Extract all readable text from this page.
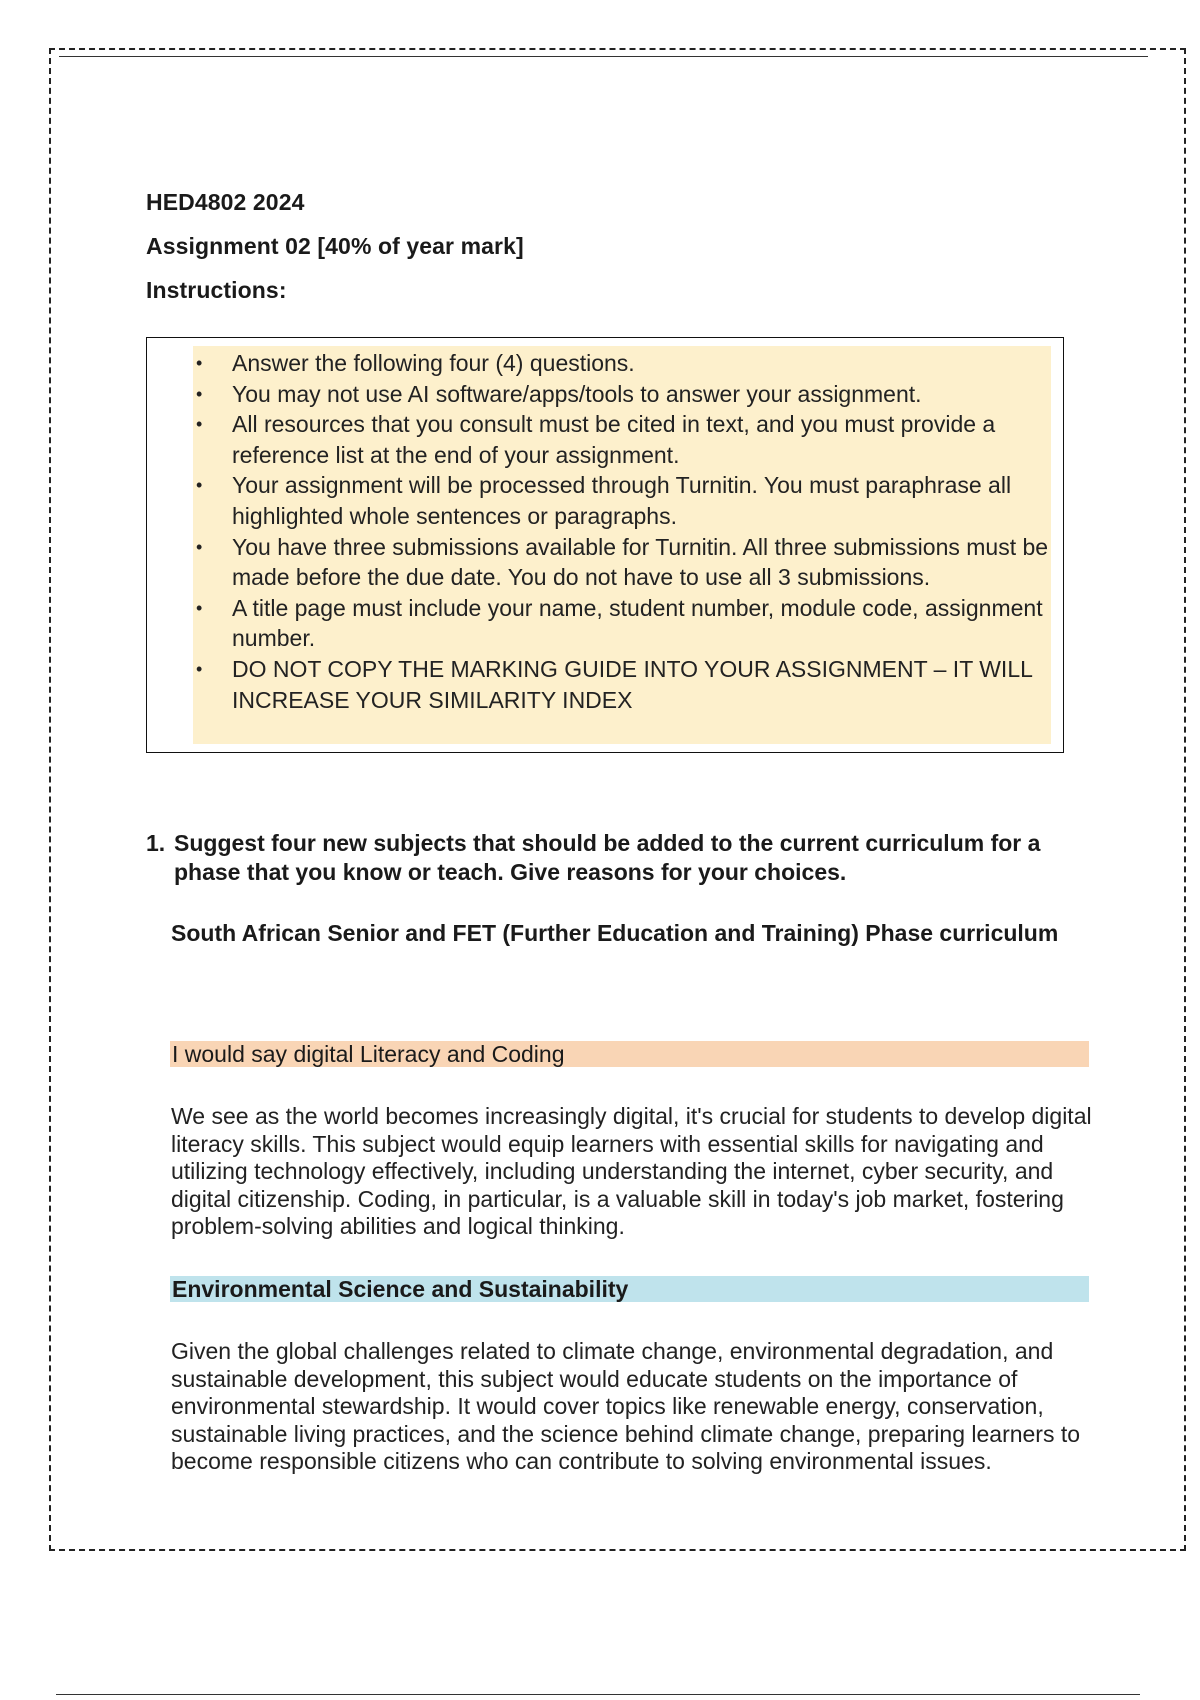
HED4802 2024
Assignment 02 [40% of year mark]
Instructions:
• Answer the following four (4) questions.
• You may not use AI software/apps/tools to answer your assignment.
• All resources that you consult must be cited in text, and you must provide a reference list at the end of your assignment.
• Your assignment will be processed through Turnitin. You must paraphrase all highlighted whole sentences or paragraphs.
• You have three submissions available for Turnitin. All three submissions must be made before the due date. You do not have to use all 3 submissions.
• A title page must include your name, student number, module code, assignment number.
• DO NOT COPY THE MARKING GUIDE INTO YOUR ASSIGNMENT – IT WILL INCREASE YOUR SIMILARITY INDEX
1. Suggest four new subjects that should be added to the current curriculum for a phase that you know or teach. Give reasons for your choices.
South African Senior and FET (Further Education and Training) Phase curriculum
I would say digital Literacy and Coding
We see as the world becomes increasingly digital, it's crucial for students to develop digital literacy skills. This subject would equip learners with essential skills for navigating and utilizing technology effectively, including understanding the internet, cyber security, and digital citizenship. Coding, in particular, is a valuable skill in today's job market, fostering problem-solving abilities and logical thinking.
Environmental Science and Sustainability
Given the global challenges related to climate change, environmental degradation, and sustainable development, this subject would educate students on the importance of environmental stewardship. It would cover topics like renewable energy, conservation, sustainable living practices, and the science behind climate change, preparing learners to become responsible citizens who can contribute to solving environmental issues.
